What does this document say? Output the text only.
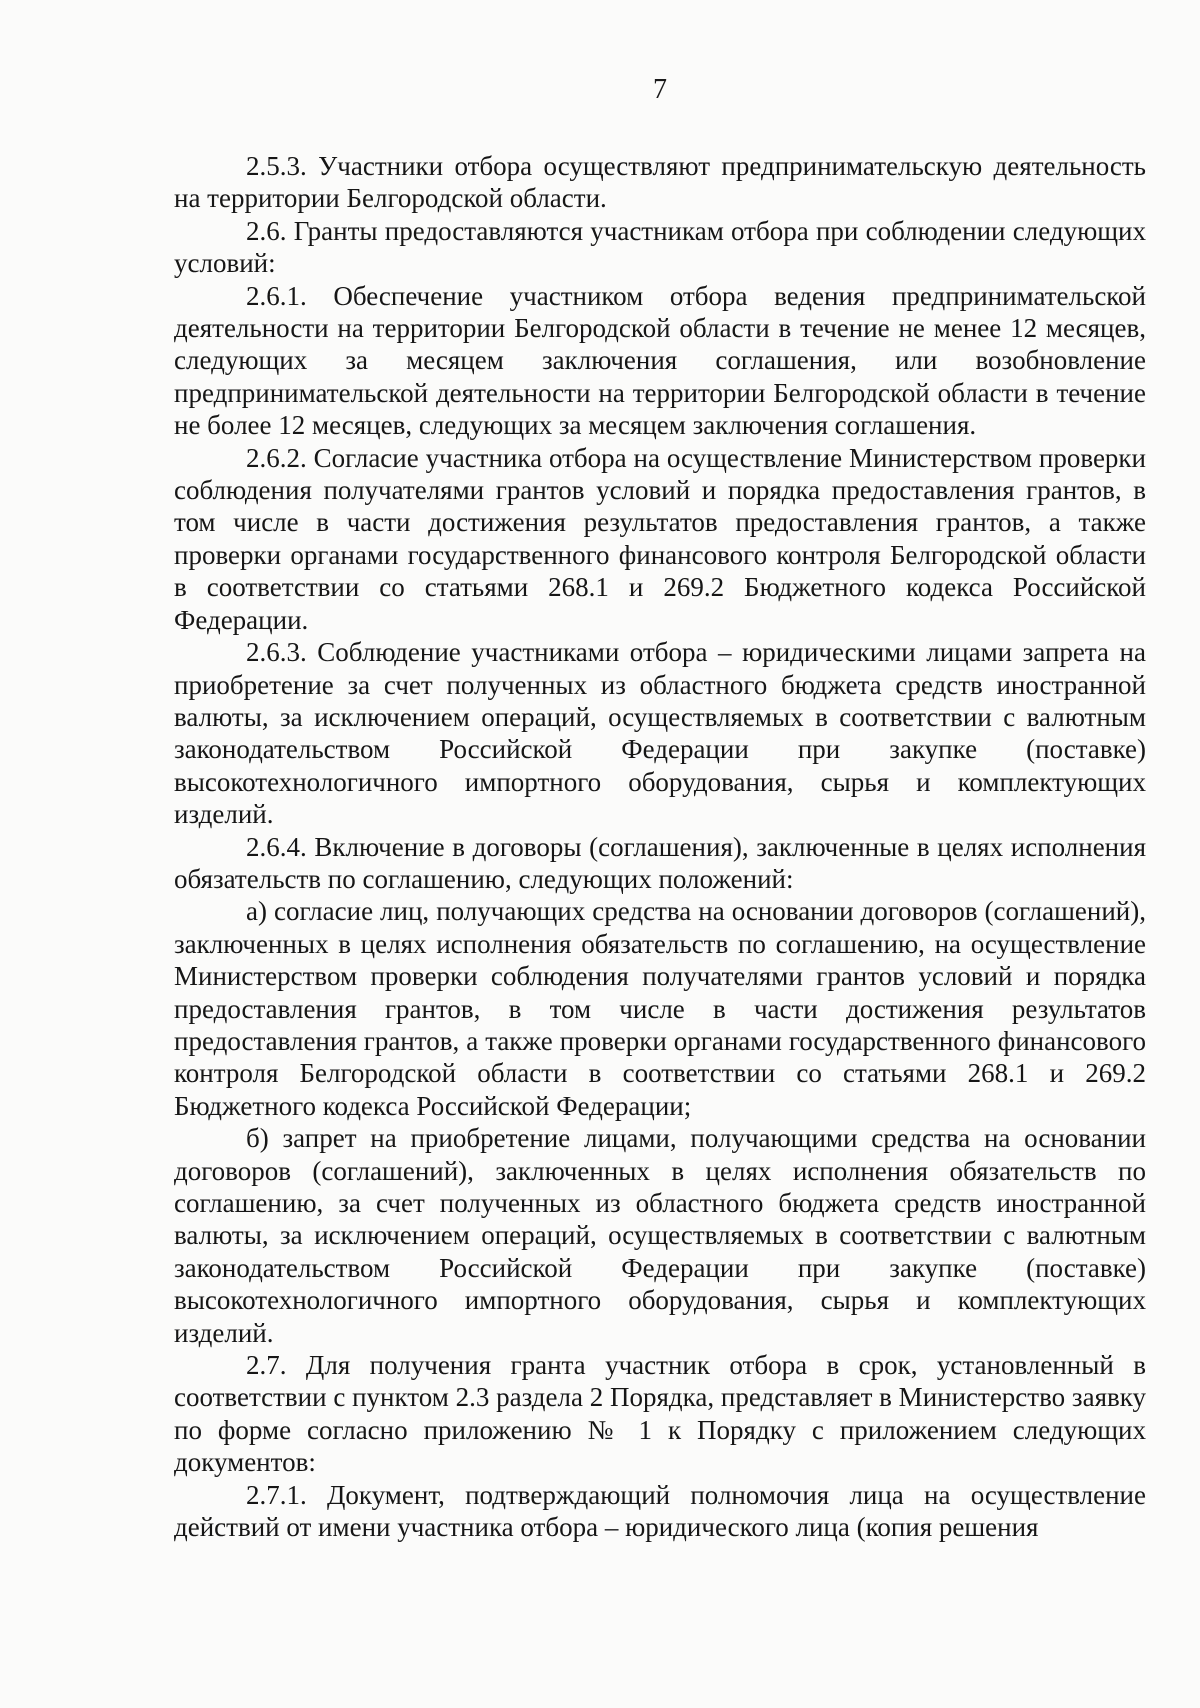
7

2.5.3. Участники отбора осуществляют предпринимательскую деятельность на территории Белгородской области.

2.6. Гранты предоставляются участникам отбора при соблюдении следующих условий:

2.6.1. Обеспечение участником отбора ведения предпринимательской деятельности на территории Белгородской области в течение не менее 12 месяцев, следующих за месяцем заключения соглашения, или возобновление предпринимательской деятельности на территории Белгородской области в течение не более 12 месяцев, следующих за месяцем заключения соглашения.

2.6.2. Согласие участника отбора на осуществление Министерством проверки соблюдения получателями грантов условий и порядка предоставления грантов, в том числе в части достижения результатов предоставления грантов, а также проверки органами государственного финансового контроля Белгородской области в соответствии со статьями 268.1 и 269.2 Бюджетного кодекса Российской Федерации.

2.6.3. Соблюдение участниками отбора – юридическими лицами запрета на приобретение за счет полученных из областного бюджета средств иностранной валюты, за исключением операций, осуществляемых в соответствии с валютным законодательством Российской Федерации при закупке (поставке) высокотехнологичного импортного оборудования, сырья и комплектующих изделий.

2.6.4. Включение в договоры (соглашения), заключенные в целях исполнения обязательств по соглашению, следующих положений:

а) согласие лиц, получающих средства на основании договоров (соглашений), заключенных в целях исполнения обязательств по соглашению, на осуществление Министерством проверки соблюдения получателями грантов условий и порядка предоставления грантов, в том числе в части достижения результатов предоставления грантов, а также проверки органами государственного финансового контроля Белгородской области в соответствии со статьями 268.1 и 269.2 Бюджетного кодекса Российской Федерации;

б) запрет на приобретение лицами, получающими средства на основании договоров (соглашений), заключенных в целях исполнения обязательств по соглашению, за счет полученных из областного бюджета средств иностранной валюты, за исключением операций, осуществляемых в соответствии с валютным законодательством Российской Федерации при закупке (поставке) высокотехнологичного импортного оборудования, сырья и комплектующих изделий.

2.7. Для получения гранта участник отбора в срок, установленный в соответствии с пунктом 2.3 раздела 2 Порядка, представляет в Министерство заявку по форме согласно приложению № 1 к Порядку с приложением следующих документов:

2.7.1. Документ, подтверждающий полномочия лица на осуществление действий от имени участника отбора – юридического лица (копия решения
